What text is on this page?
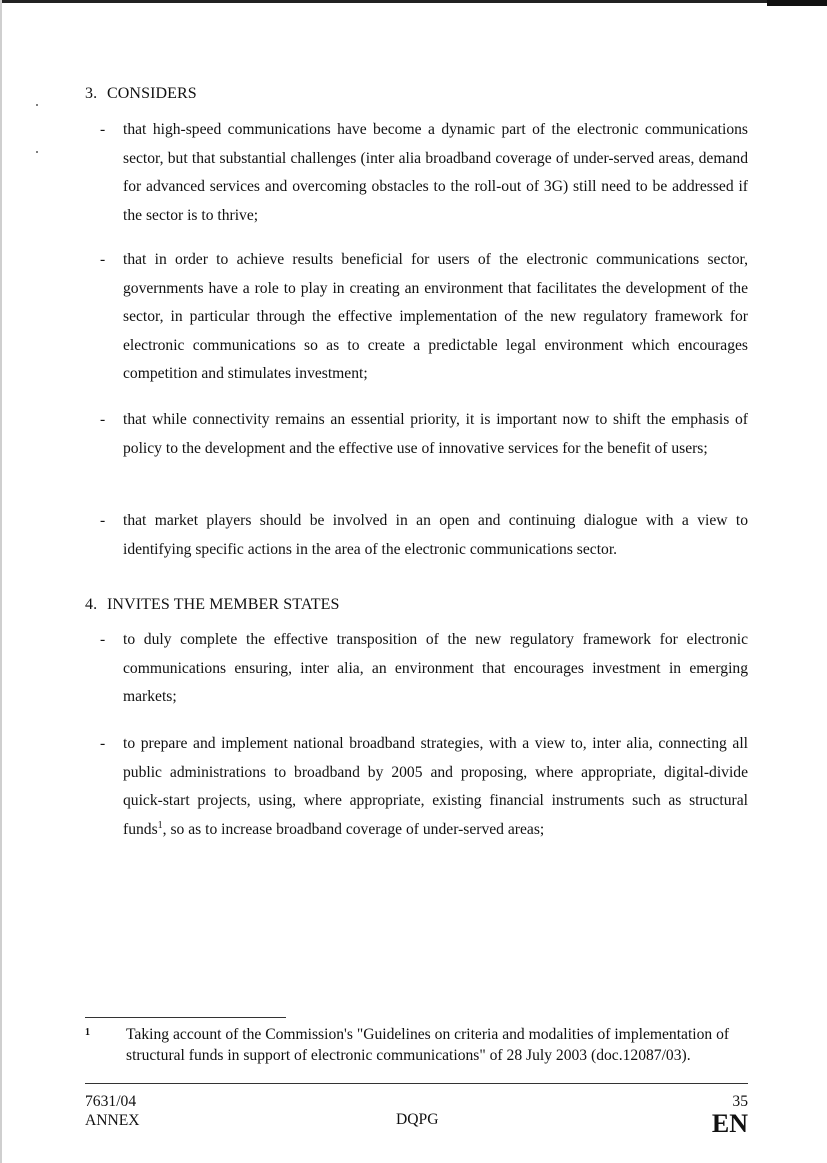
3. CONSIDERS
- that high-speed communications have become a dynamic part of the electronic communications sector, but that substantial challenges (inter alia broadband coverage of under-served areas, demand for advanced services and overcoming obstacles to the roll-out of 3G) still need to be addressed if the sector is to thrive;
- that in order to achieve results beneficial for users of the electronic communications sector, governments have a role to play in creating an environment that facilitates the development of the sector, in particular through the effective implementation of the new regulatory framework for electronic communications so as to create a predictable legal environment which encourages competition and stimulates investment;
- that while connectivity remains an essential priority, it is important now to shift the emphasis of policy to the development and the effective use of innovative services for the benefit of users;
- that market players should be involved in an open and continuing dialogue with a view to identifying specific actions in the area of the electronic communications sector.
4. INVITES THE MEMBER STATES
- to duly complete the effective transposition of the new regulatory framework for electronic communications ensuring, inter alia, an environment that encourages investment in emerging markets;
- to prepare and implement national broadband strategies, with a view to, inter alia, connecting all public administrations to broadband by 2005 and proposing, where appropriate, digital-divide quick-start projects, using, where appropriate, existing financial instruments such as structural funds$^1$, so as to increase broadband coverage of under-served areas;
1 Taking account of the Commission's "Guidelines on criteria and modalities of implementation of structural funds in support of electronic communications" of 28 July 2003 (doc.12087/03).
7631/04
ANNEX	DQPG
35
EN
